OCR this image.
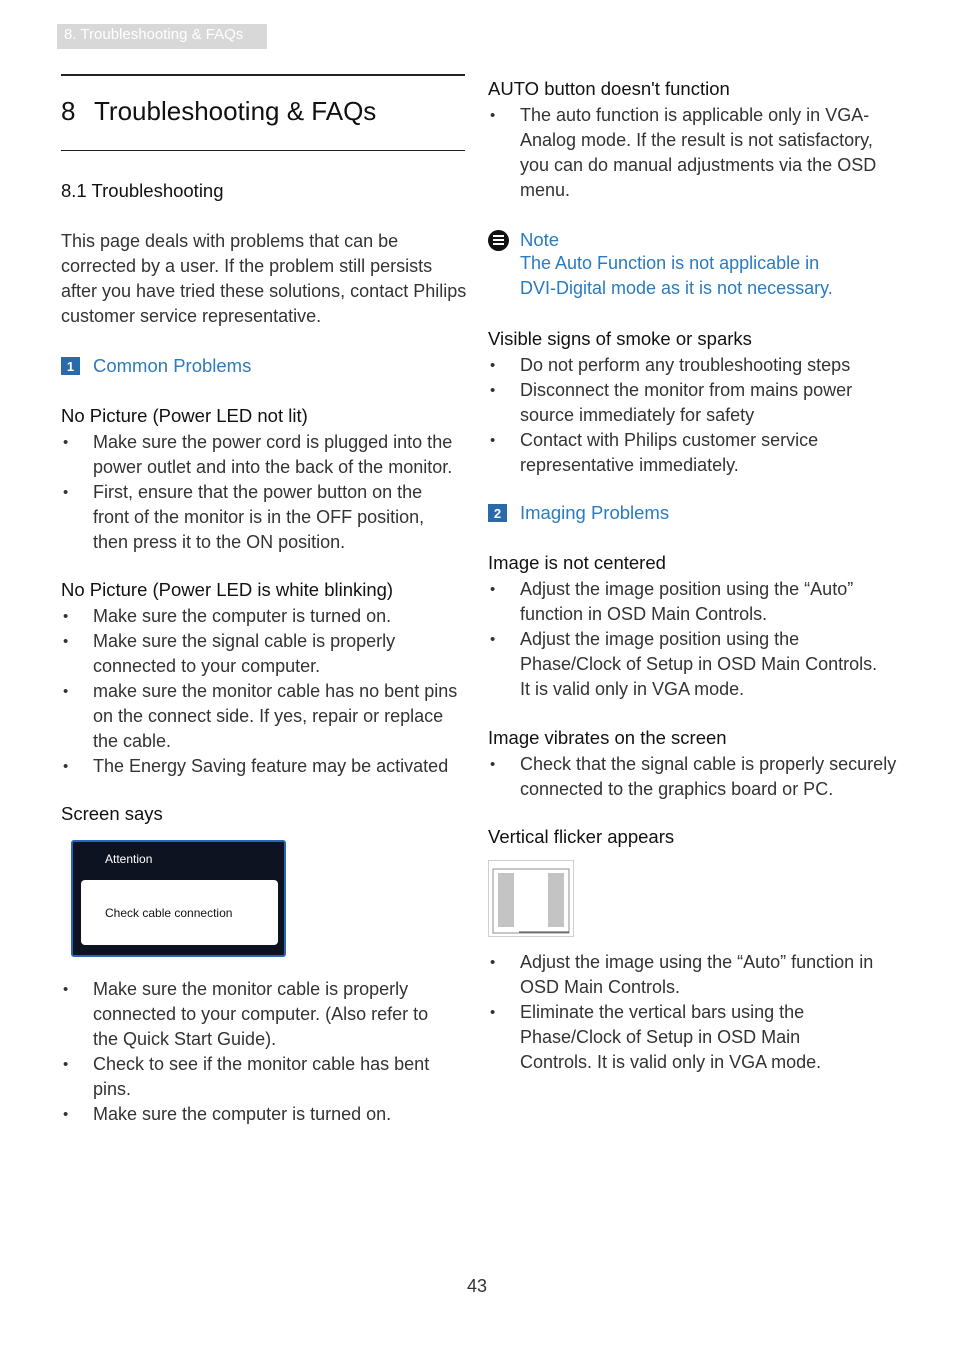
8. Troubleshooting & FAQs
8 Troubleshooting & FAQs
8.1 Troubleshooting

This page deals with problems that can be corrected by a user. If the problem still persists after you have tried these solutions, contact Philips customer service representative.

1	Common Problems
No Picture (Power LED not lit)
• Make sure the power cord is plugged into the power outlet and into the back of the monitor.
• First, ensure that the power button on the front of the monitor is in the OFF position, then press it to the ON position.
No Picture (Power LED is white blinking)
• Make sure the computer is turned on.
• Make sure the signal cable is properly connected to your computer.
• make sure the monitor cable has no bent pins on the connect side. If yes, repair or replace the cable.
• The Energy Saving feature may be activated
Screen says
Attention
Check cable connection
• Make sure the monitor cable is properly connected to your computer. (Also refer to the Quick Start Guide).
• Check to see if the monitor cable has bent pins.
• Make sure the computer is turned on.
AUTO button doesn't function
• The auto function is applicable only in VGA-Analog mode. If the result is not satisfactory, you can do manual adjustments via the OSD menu.
Note

The Auto Function is not applicable in DVI-Digital mode as it is not necessary.

Visible signs of smoke or sparks
• Do not perform any troubleshooting steps
• Disconnect the monitor from mains power source immediately for safety
• Contact with Philips customer service representative immediately.
2	Imaging Problems
Image is not centered
• Adjust the image position using the “Auto” function in OSD Main Controls.
• Adjust the image position using the Phase/Clock of Setup in OSD Main Controls. It is valid only in VGA mode.
Image vibrates on the screen
• Check that the signal cable is properly securely connected to the graphics board or PC.
Vertical flicker appears
• Adjust the image using the “Auto” function in OSD Main Controls.
• Eliminate the vertical bars using the Phase/Clock of Setup in OSD Main Controls. It is valid only in VGA mode.
43
